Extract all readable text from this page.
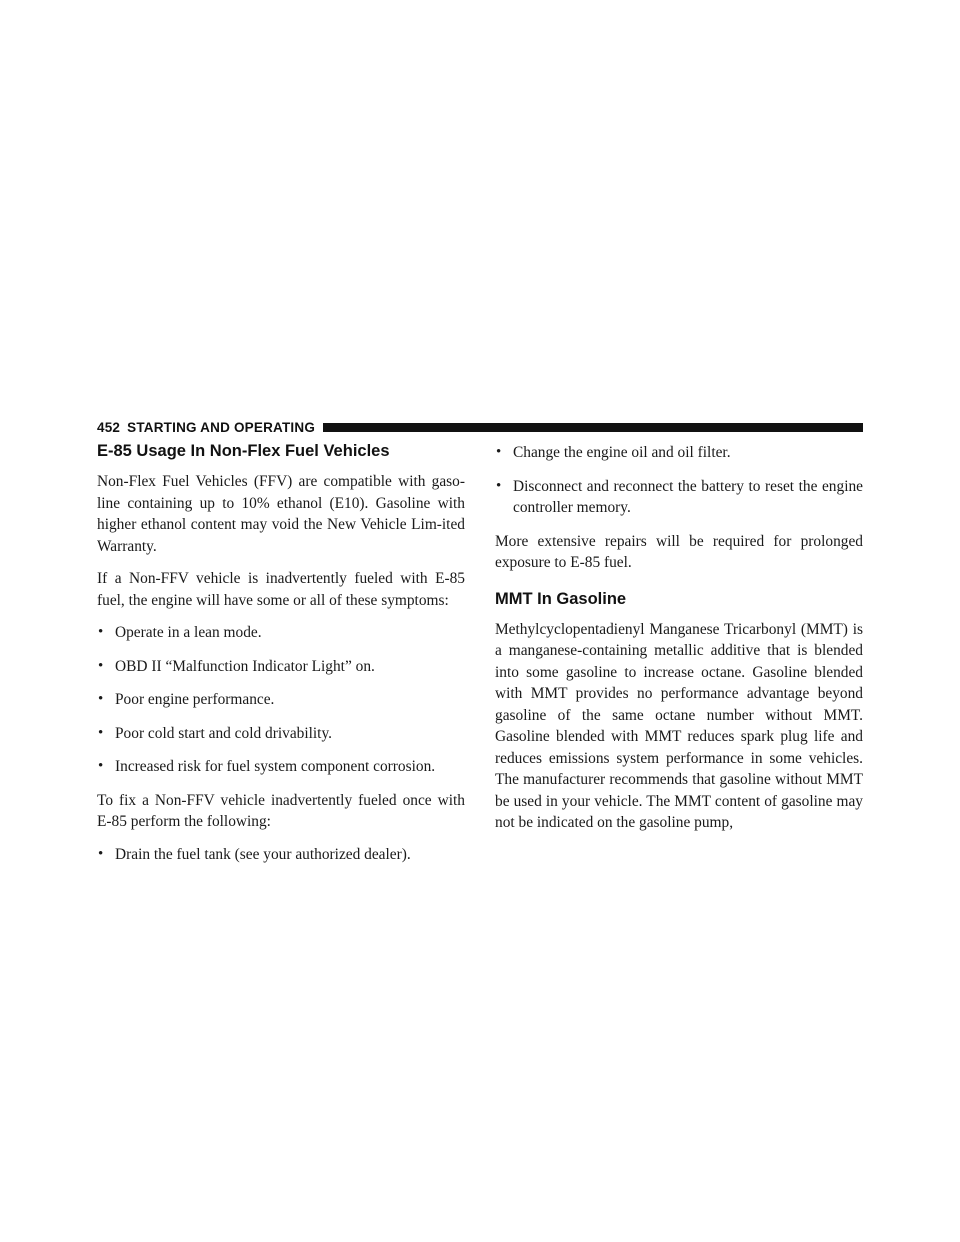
452 STARTING AND OPERATING
E-85 Usage In Non-Flex Fuel Vehicles

Non-Flex Fuel Vehicles (FFV) are compatible with gaso-line containing up to 10% ethanol (E10). Gasoline with higher ethanol content may void the New Vehicle Lim-ited Warranty.

If a Non-FFV vehicle is inadvertently fueled with E-85 fuel, the engine will have some or all of these symptoms:

• Operate in a lean mode.
• OBD II “Malfunction Indicator Light” on.
• Poor engine performance.
• Poor cold start and cold drivability.
• Increased risk for fuel system component corrosion.

To fix a Non-FFV vehicle inadvertently fueled once with E-85 perform the following:

• Drain the fuel tank (see your authorized dealer).
• Change the engine oil and oil filter.
• Disconnect and reconnect the battery to reset the engine controller memory.

More extensive repairs will be required for prolonged exposure to E-85 fuel.

MMT In Gasoline

Methylcyclopentadienyl Manganese Tricarbonyl (MMT) is a manganese-containing metallic additive that is blended into some gasoline to increase octane. Gasoline blended with MMT provides no performance advantage beyond gasoline of the same octane number without MMT. Gasoline blended with MMT reduces spark plug life and reduces emissions system performance in some vehicles. The manufacturer recommends that gasoline without MMT be used in your vehicle. The MMT content of gasoline may not be indicated on the gasoline pump,
